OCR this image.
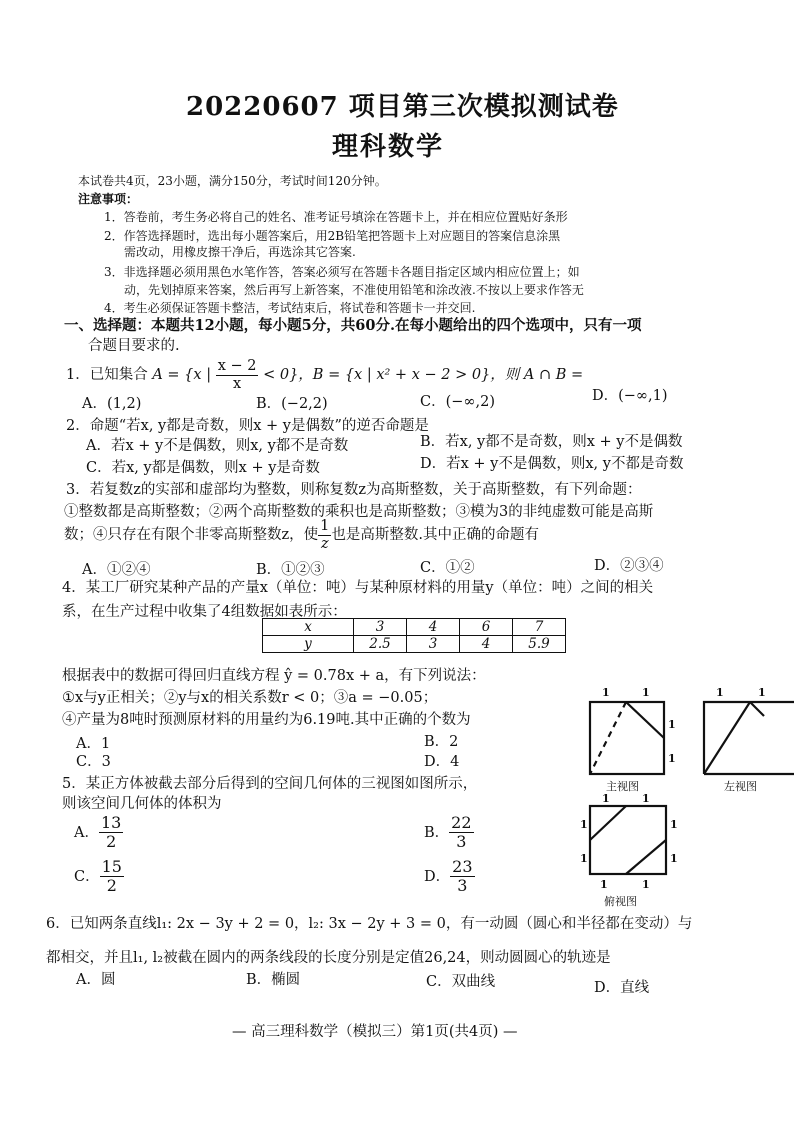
20220607 项目第三次模拟测试卷
理科数学
本试卷共4页，23小题，满分150分，考试时间120分钟。
注意事项：
1．答卷前，考生务必将自己的姓名、准考证号填涂在答题卡上，并在相应位置贴好条形
2．作答选择题时，选出每小题答案后，用2B铅笔把答题卡上对应题目的答案信息涂黑
需改动，用橡皮擦干净后，再选涂其它答案.
3．非选择题必须用黑色水笔作答，答案必须写在答题卡各题目指定区域内相应位置上；如
动，先划掉原来答案，然后再写上新答案，不准使用铅笔和涂改液.不按以上要求作答无
4．考生必须保证答题卡整洁，考试结束后，将试卷和答题卡一并交回.
一、选择题：本题共12小题，每小题5分，共60分.在每小题给出的四个选项中，只有一项
合题目要求的.
1．已知集合 A = {x | $\frac{x - 2}{x} < 0$}，B = {x | x² + x − 2 > 0}，则 A ∩ B =
A．(1,2)	B．(−2,2)	C．(−∞,2)	D．(−∞,1)
2．命题“若x, y都是奇数，则x + y是偶数”的逆否命题是
A．若x + y不是偶数，则x, y都不是奇数	B．若x, y都不是奇数，则x + y不是偶数
C．若x, y都是偶数，则x + y是奇数	D．若x + y不是偶数，则x, y不都是奇数
3．若复数z的实部和虚部均为整数，则称复数z为高斯整数，关于高斯整数，有下列命题：
①整数都是高斯整数；②两个高斯整数的乘积也是高斯整数；③模为3的非纯虚数可能是高斯
数；④只存在有限个非零高斯整数z，使 $\frac{1}{z}$也是高斯整数.其中正确的命题有
A．①②④	B．①②③	C．①②	D．②③④
4．某工厂研究某种产品的产量x（单位：吨）与某种原材料的用量y（单位：吨）之间的相关
系，在生产过程中收集了4组数据如表所示：
x	3	4	6	7
y	2.5	3	4	5.9
根据表中的数据可得回归直线方程 ŷ = 0.78x + a，有下列说法：
①x与y正相关；②y与x的相关系数r < 0；③a = −0.05；
④产量为8吨时预测原材料的用量约为6.19吨.其中正确的个数为
A．1	B．2
C．3	D．4
5．某正方体被截去部分后得到的空间几何体的三视图如图所示，
则该空间几何体的体积为
A． $\frac{13}{2}$	B． $\frac{22}{3}$
C． $\frac{15}{2}$	D． $\frac{23}{3}$
1	1
1
1
1	1
1	1
1
1
1
1
1	1
主视图	左视图
俯视图
6．已知两条直线l₁: 2x − 3y + 2 = 0，l₂: 3x − 2y + 3 = 0，有一动圆（圆心和半径都在变动）与
都相交，并且l₁, l₂被截在圆内的两条线段的长度分别是定值26,24，则动圆圆心的轨迹是
A．圆	B．椭圆	C．双曲线	D．直线
— 高三理科数学（模拟三）第1页(共4页) —
